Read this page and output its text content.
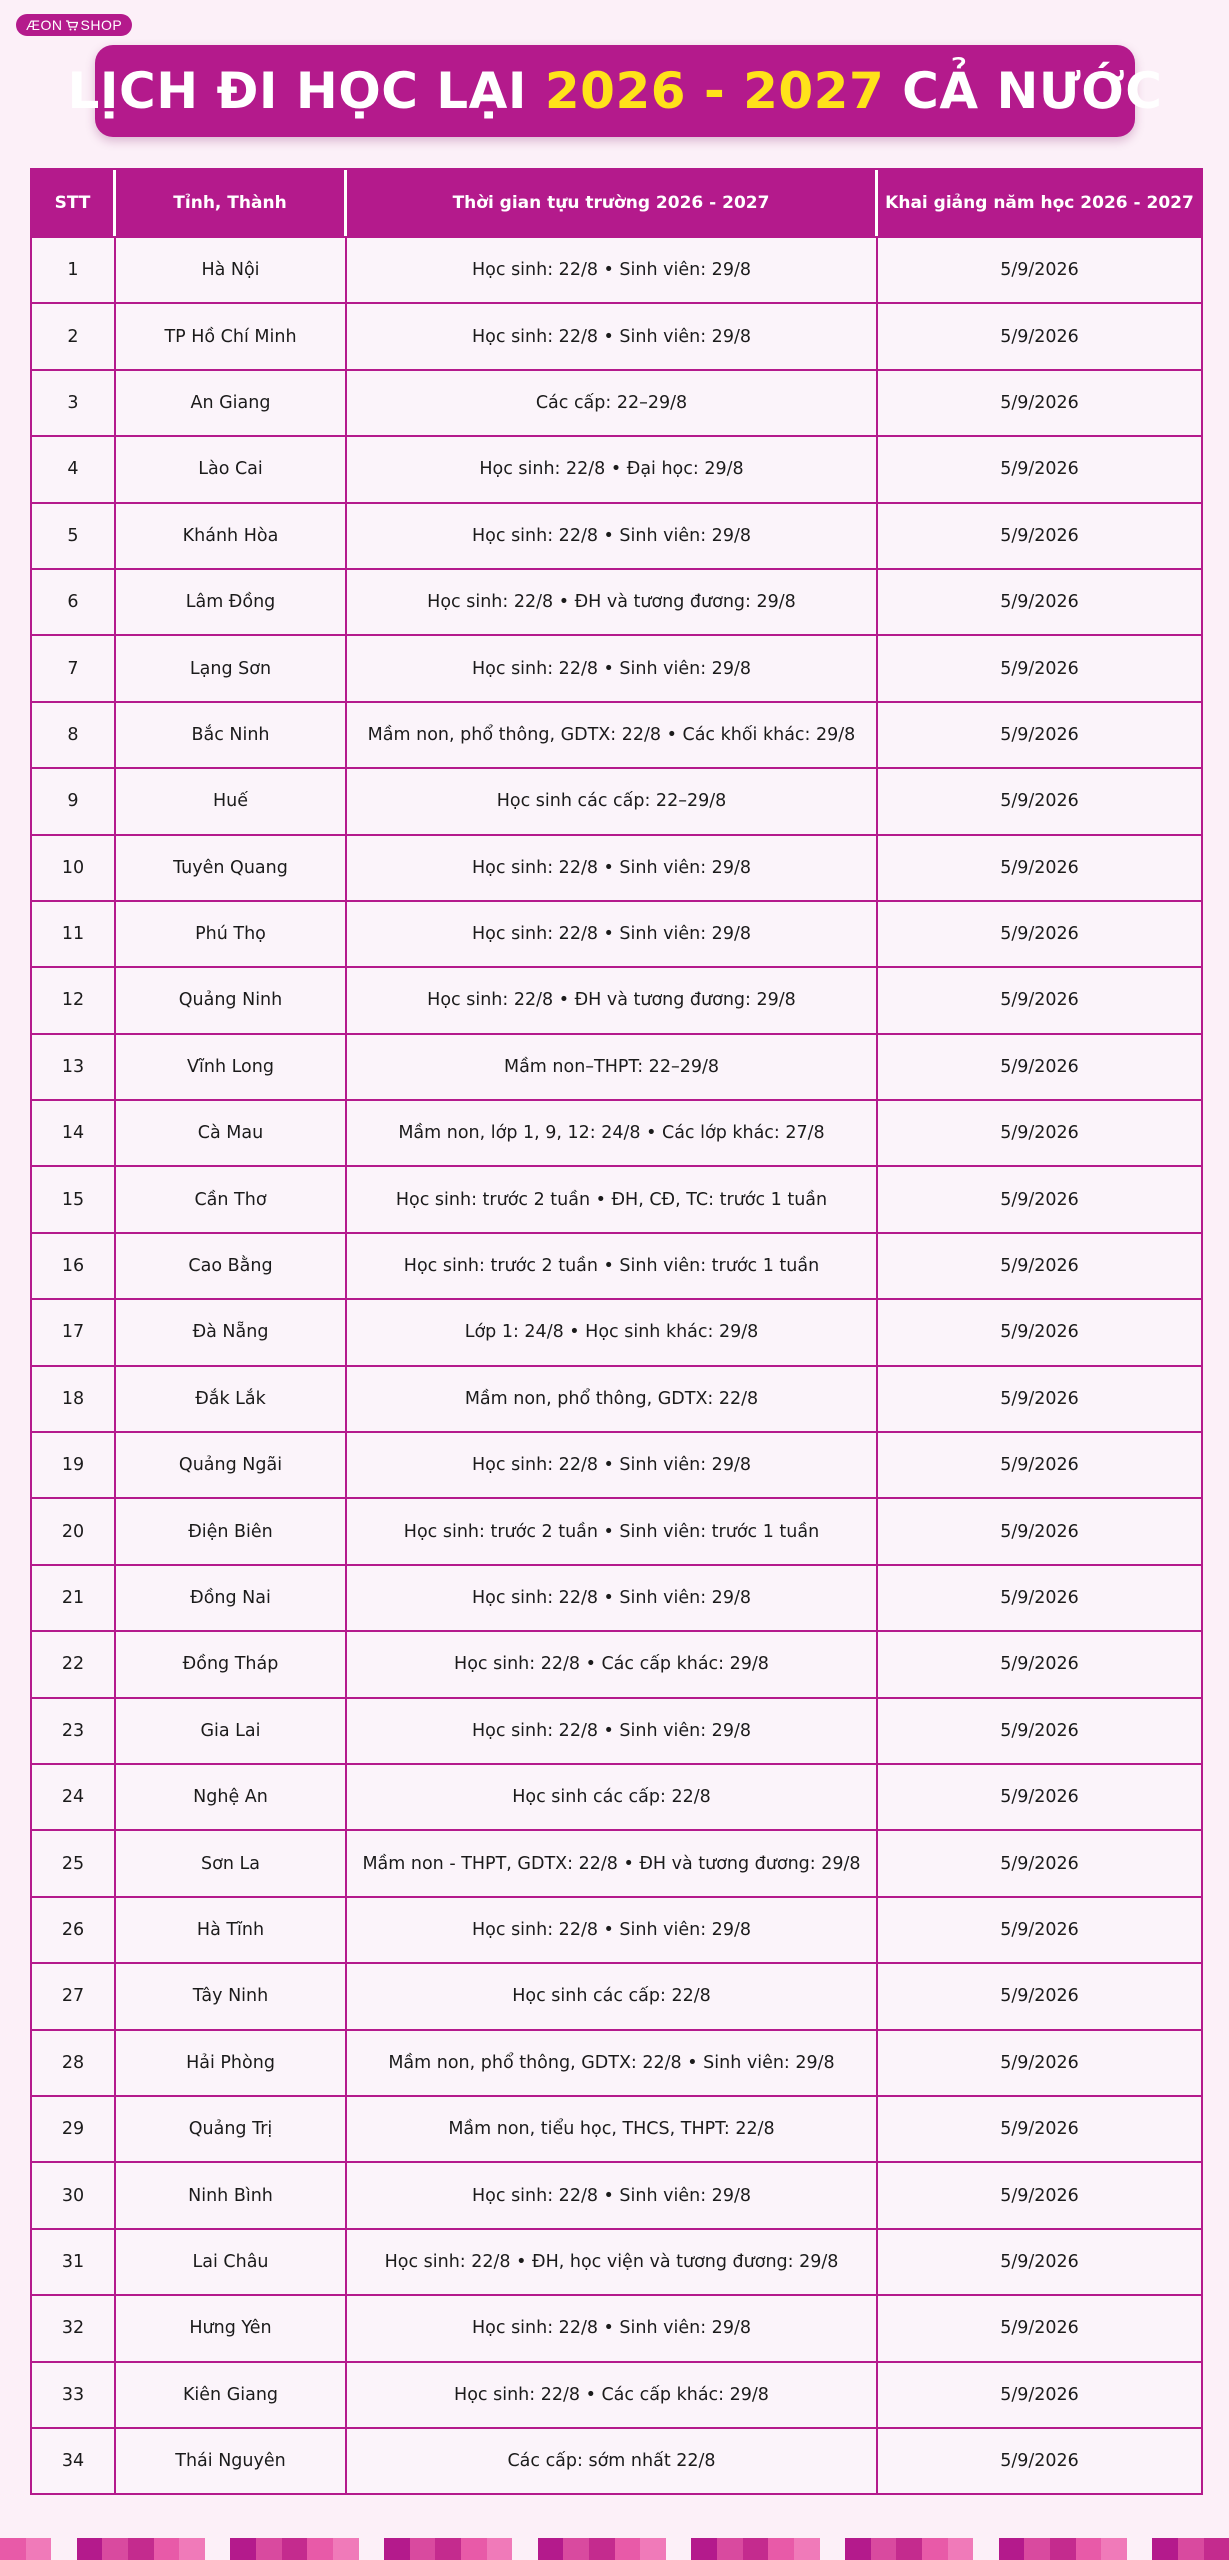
ÆON SHOP
LỊCH ĐI HỌC LẠI 2026 - 2027 CẢ NƯỚC
STT	Tỉnh, Thành	Thời gian tựu trường 2026 - 2027	Khai giảng năm học 2026 - 2027
1	Hà Nội	Học sinh: 22/8 • Sinh viên: 29/8	5/9/2026
2	TP Hồ Chí Minh	Học sinh: 22/8 • Sinh viên: 29/8	5/9/2026
3	An Giang	Các cấp: 22–29/8	5/9/2026
4	Lào Cai	Học sinh: 22/8 • Đại học: 29/8	5/9/2026
5	Khánh Hòa	Học sinh: 22/8 • Sinh viên: 29/8	5/9/2026
6	Lâm Đồng	Học sinh: 22/8 • ĐH và tương đương: 29/8	5/9/2026
7	Lạng Sơn	Học sinh: 22/8 • Sinh viên: 29/8	5/9/2026
8	Bắc Ninh	Mầm non, phổ thông, GDTX: 22/8 • Các khối khác: 29/8	5/9/2026
9	Huế	Học sinh các cấp: 22–29/8	5/9/2026
10	Tuyên Quang	Học sinh: 22/8 • Sinh viên: 29/8	5/9/2026
11	Phú Thọ	Học sinh: 22/8 • Sinh viên: 29/8	5/9/2026
12	Quảng Ninh	Học sinh: 22/8 • ĐH và tương đương: 29/8	5/9/2026
13	Vĩnh Long	Mầm non–THPT: 22–29/8	5/9/2026
14	Cà Mau	Mầm non, lớp 1, 9, 12: 24/8 • Các lớp khác: 27/8	5/9/2026
15	Cần Thơ	Học sinh: trước 2 tuần • ĐH, CĐ, TC: trước 1 tuần	5/9/2026
16	Cao Bằng	Học sinh: trước 2 tuần • Sinh viên: trước 1 tuần	5/9/2026
17	Đà Nẵng	Lớp 1: 24/8 • Học sinh khác: 29/8	5/9/2026
18	Đắk Lắk	Mầm non, phổ thông, GDTX: 22/8	5/9/2026
19	Quảng Ngãi	Học sinh: 22/8 • Sinh viên: 29/8	5/9/2026
20	Điện Biên	Học sinh: trước 2 tuần • Sinh viên: trước 1 tuần	5/9/2026
21	Đồng Nai	Học sinh: 22/8 • Sinh viên: 29/8	5/9/2026
22	Đồng Tháp	Học sinh: 22/8 • Các cấp khác: 29/8	5/9/2026
23	Gia Lai	Học sinh: 22/8 • Sinh viên: 29/8	5/9/2026
24	Nghệ An	Học sinh các cấp: 22/8	5/9/2026
25	Sơn La	Mầm non - THPT, GDTX: 22/8 • ĐH và tương đương: 29/8	5/9/2026
26	Hà Tĩnh	Học sinh: 22/8 • Sinh viên: 29/8	5/9/2026
27	Tây Ninh	Học sinh các cấp: 22/8	5/9/2026
28	Hải Phòng	Mầm non, phổ thông, GDTX: 22/8 • Sinh viên: 29/8	5/9/2026
29	Quảng Trị	Mầm non, tiểu học, THCS, THPT: 22/8	5/9/2026
30	Ninh Bình	Học sinh: 22/8 • Sinh viên: 29/8	5/9/2026
31	Lai Châu	Học sinh: 22/8 • ĐH, học viện và tương đương: 29/8	5/9/2026
32	Hưng Yên	Học sinh: 22/8 • Sinh viên: 29/8	5/9/2026
33	Kiên Giang	Học sinh: 22/8 • Các cấp khác: 29/8	5/9/2026
34	Thái Nguyên	Các cấp: sớm nhất 22/8	5/9/2026
